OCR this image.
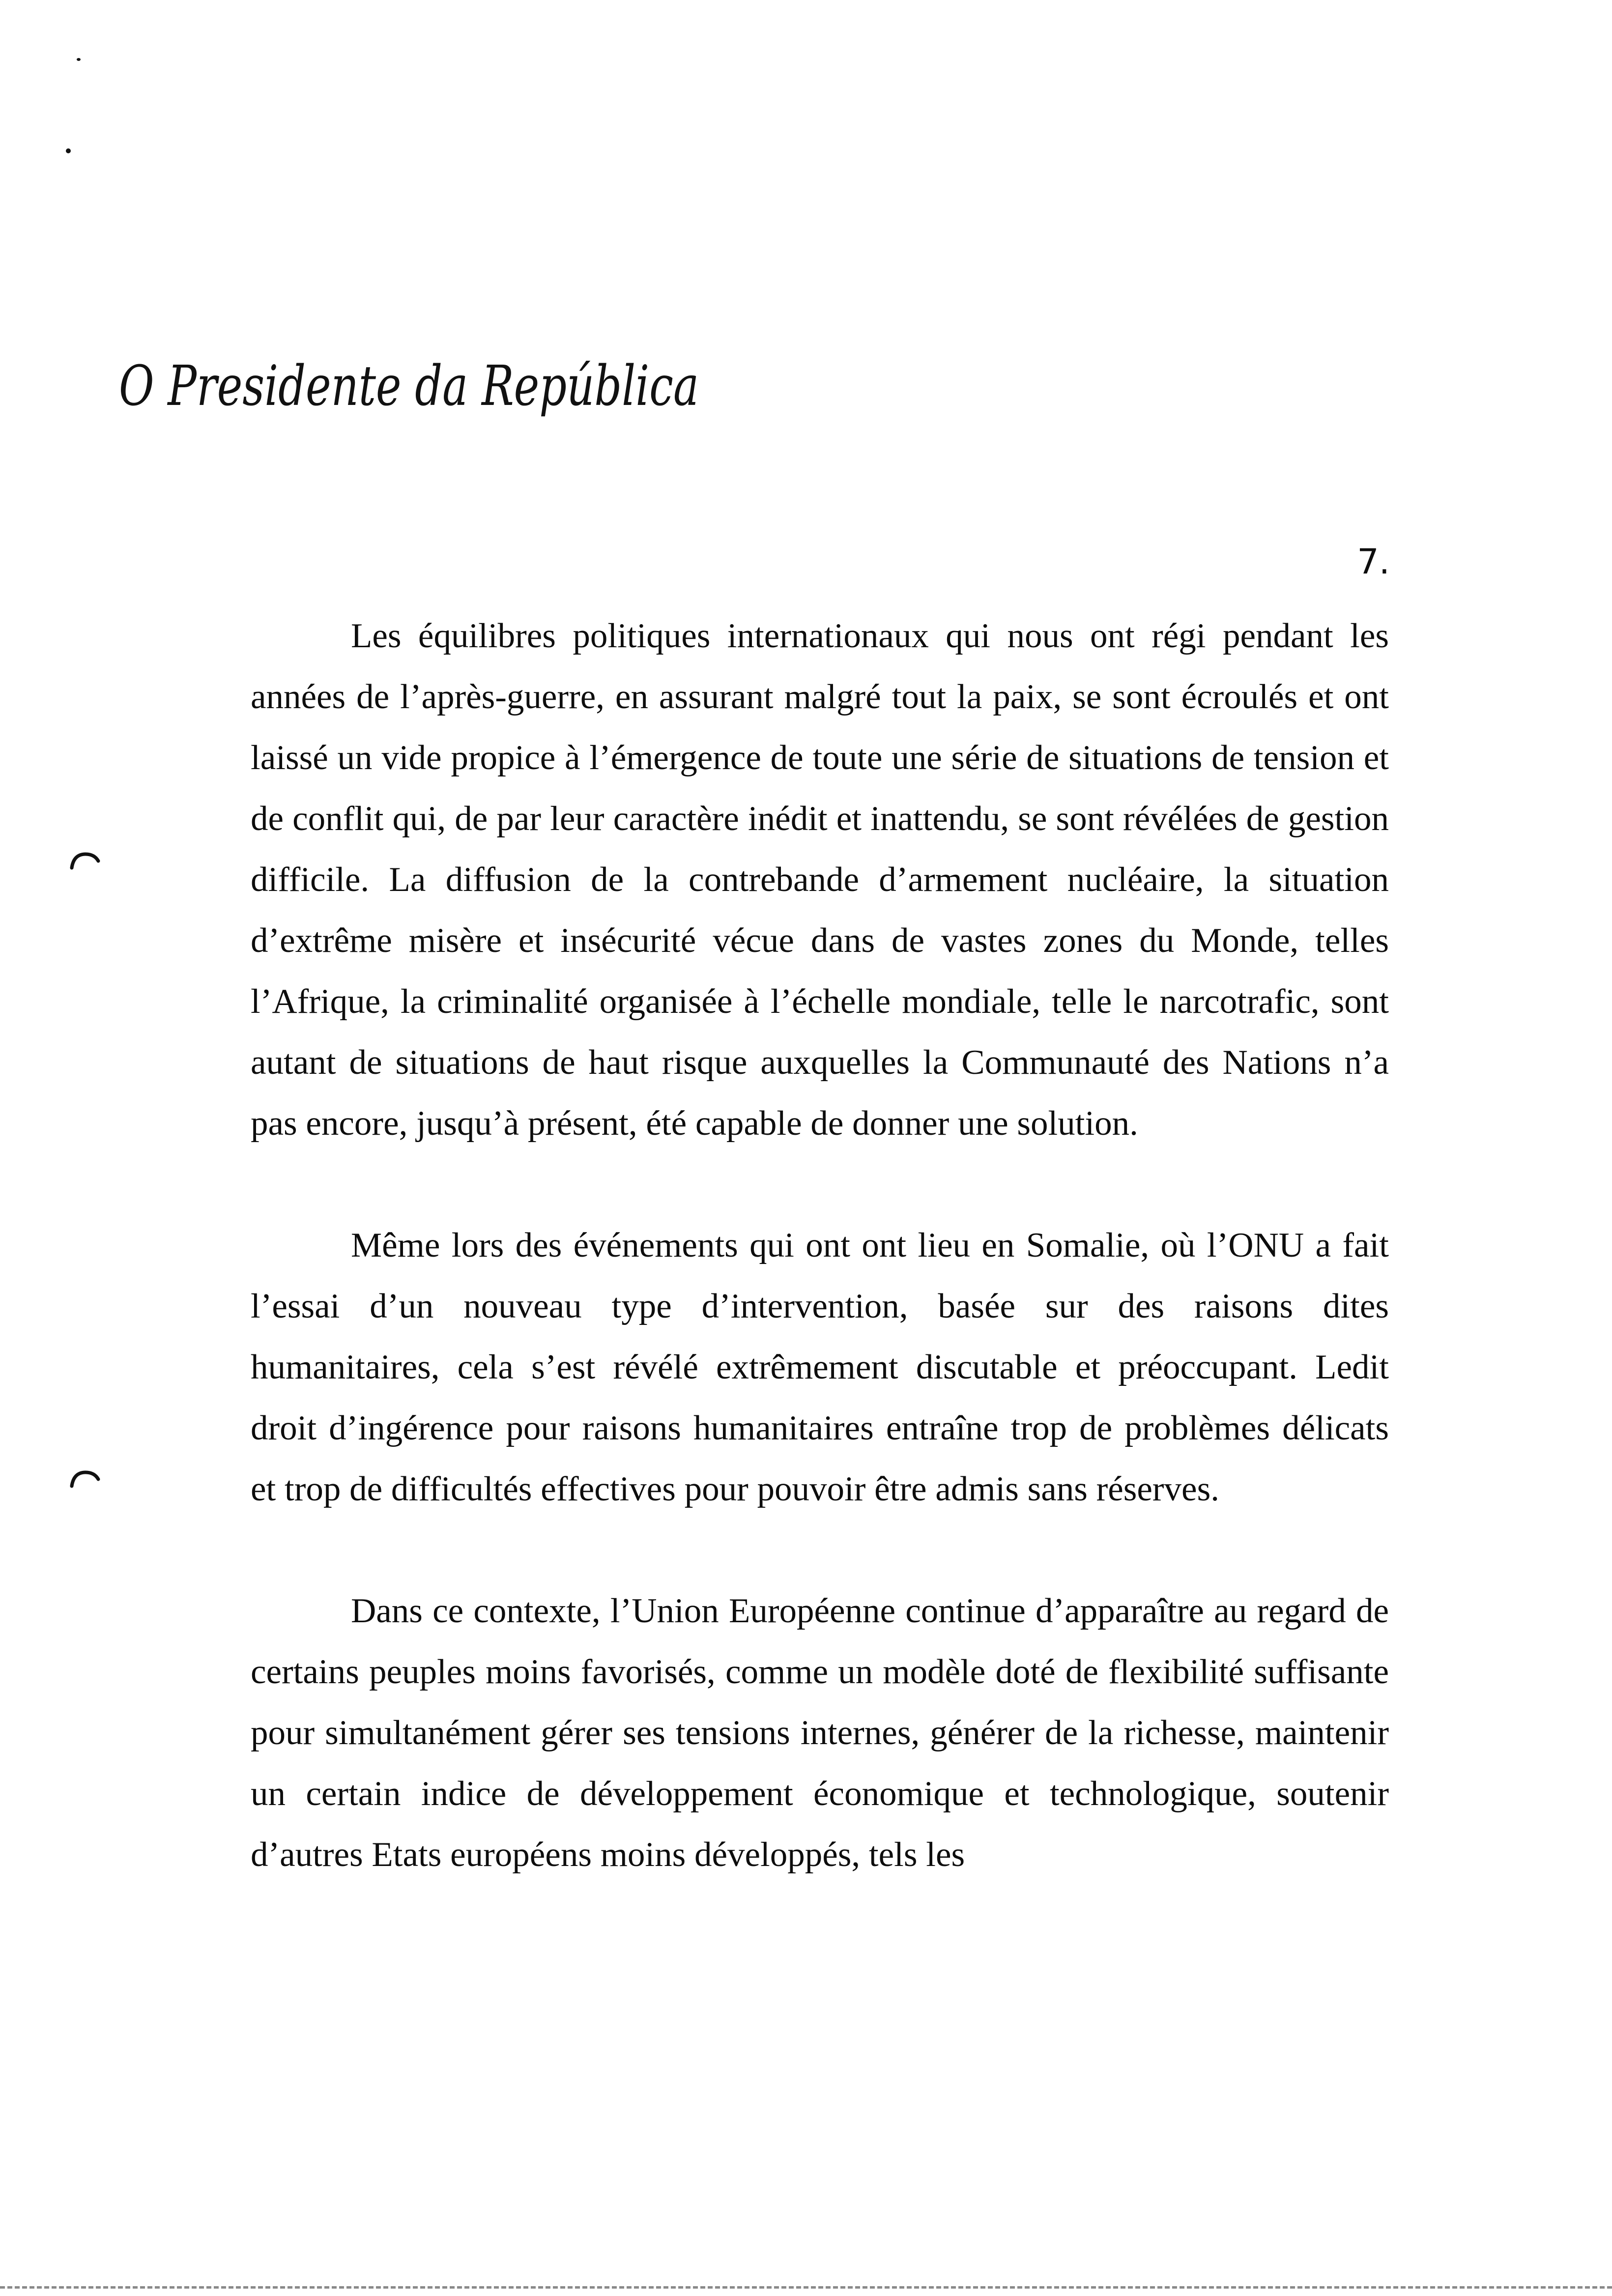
O Presidente da República
7.

Les équilibres politiques internationaux qui nous ont régi pendant les années de l’après-guerre, en assurant malgré tout la paix, se sont écroulés et ont laissé un vide propice à l’émergence de toute une série de situations de tension et de conflit qui, de par leur caractère inédit et inattendu, se sont révélées de gestion difficile. La diffusion de la contrebande d’armement nucléaire, la situation d’extrême misère et insécurité vécue dans de vastes zones du Monde, telles l’Afrique, la criminalité organisée à l’échelle mondiale, telle le narcotrafic, sont autant de situations de haut risque auxquelles la Communauté des Nations n’a pas encore, jusqu’à présent, été capable de donner une solution.

Même lors des événements qui ont ont lieu en Somalie, où l’ONU a fait l’essai d’un nouveau type d’intervention, basée sur des raisons dites humanitaires, cela s’est révélé extrêmement discutable et préoccupant. Ledit droit d’ingérence pour raisons humanitaires entraîne trop de problèmes délicats et trop de difficultés effectives pour pouvoir être admis sans réserves.

Dans ce contexte, l’Union Européenne continue d’apparaître au regard de certains peuples moins favorisés, comme un modèle doté de flexibilité suffisante pour simultanément gérer ses tensions internes, générer de la richesse, maintenir un certain indice de développement économique et technologique, soutenir d’autres Etats européens moins développés, tels les
